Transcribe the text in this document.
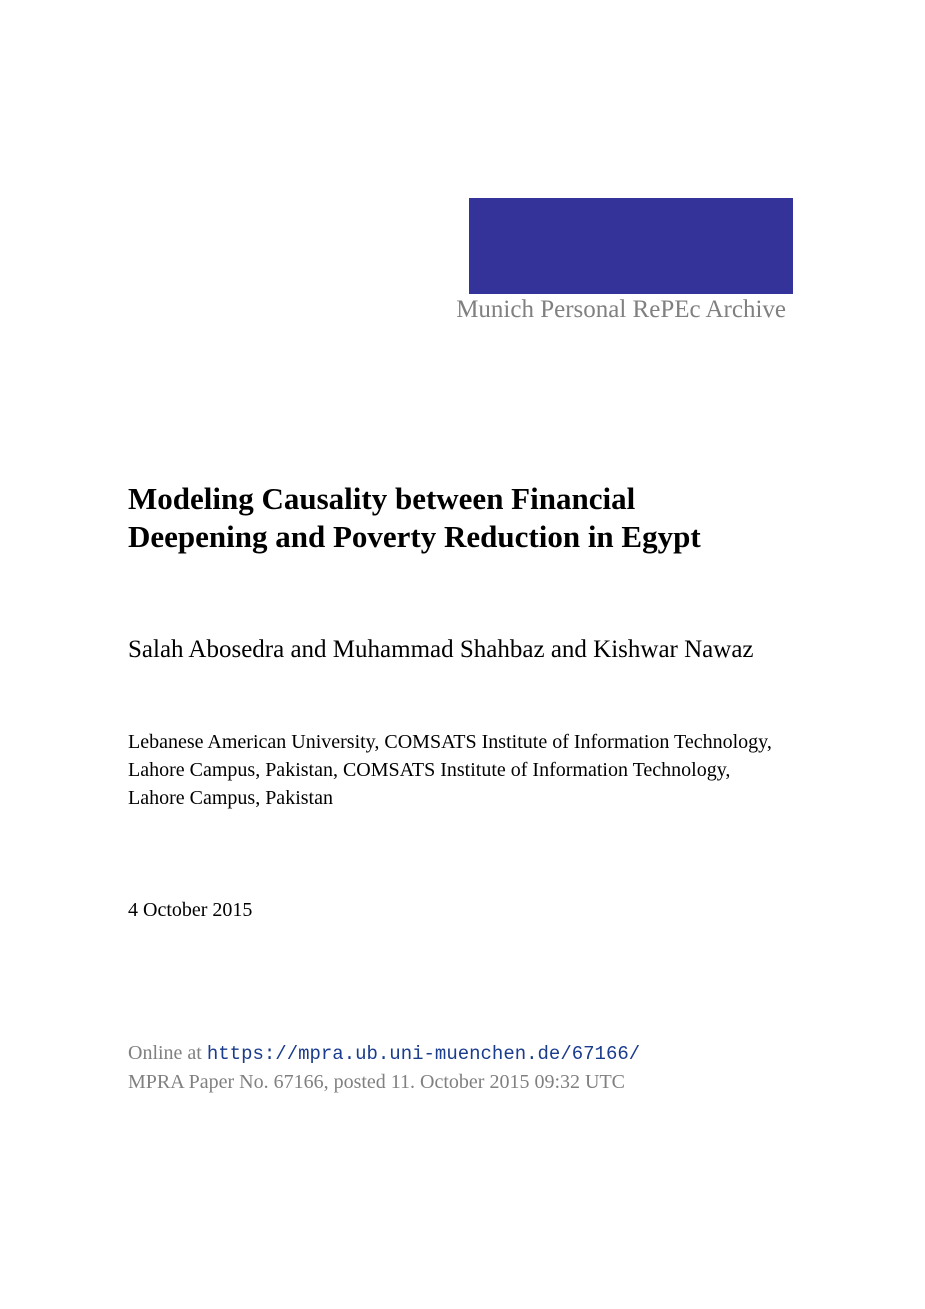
Munich Personal RePEc Archive
Modeling Causality between Financial Deepening and Poverty Reduction in Egypt

Salah Abosedra and Muhammad Shahbaz and Kishwar Nawaz

Lebanese American University, COMSATS Institute of Information Technology, Lahore Campus, Pakistan, COMSATS Institute of Information Technology, Lahore Campus, Pakistan

4 October 2015
Online at https://mpra.ub.uni-muenchen.de/67166/
MPRA Paper No. 67166, posted 11. October 2015 09:32 UTC
